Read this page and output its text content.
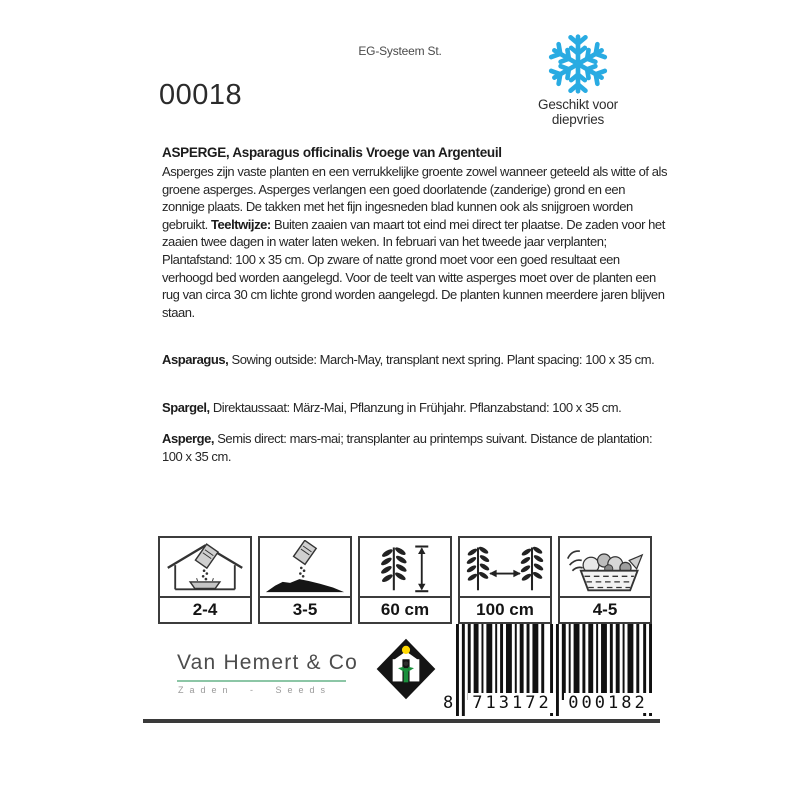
EG-Systeem St.
00018	Geschikt voor
diepvries
ASPERGE, Asparagus officinalis Vroege van Argenteuil
Asperges zijn vaste planten en een verrukkelijke groente zowel wanneer geteeld als witte of als groene asperges. Asperges verlangen een goed doorlatende (zanderige) grond en een zonnige plaats. De takken met het fijn ingesneden blad kunnen ook als snijgroen worden gebruikt. Teeltwijze: Buiten zaaien van maart tot eind mei direct ter plaatse. De zaden voor het zaaien twee dagen in water laten weken. In februari van het tweede jaar verplanten; Plantafstand: 100 x 35 cm. Op zware of natte grond moet voor een goed resultaat een verhoogd bed worden aangelegd. Voor de teelt van witte asperges moet over de planten een rug van circa 30 cm lichte grond worden aangelegd. De planten kunnen meerdere jaren blijven staan.
Asparagus, Sowing outside: March-May, transplant next spring. Plant spacing: 100 x 35 cm.
Spargel, Direktaussaat: März-Mai, Pflanzung in Frühjahr. Pflanzabstand: 100 x 35 cm.
Asperge, Semis direct: mars-mai; transplanter au printemps suivant. Distance de plantation: 100 x 35 cm.
2-4	3-5	60 cm	100 cm	4-5
Van Hemert & Co
Zaden - Seeds
8 713172 000182
